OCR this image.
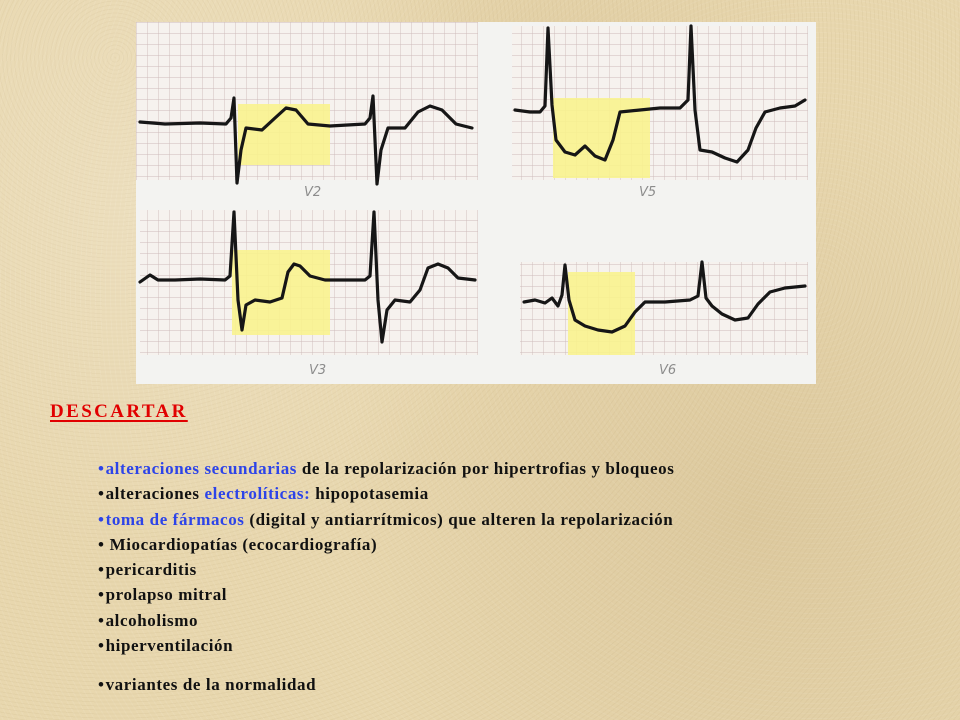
V2	V5
V3	V6
DESCARTAR
• alteraciones secundarias de la repolarización por hipertrofias y bloqueos
• alteraciones electrolíticas: hipopotasemia
• toma de fármacos (digital y antiarrítmicos) que alteren la repolarización
• Miocardiopatías (ecocardiografía)
• pericarditis
• prolapso mitral
• alcoholismo
• hiperventilación
• variantes de la normalidad
